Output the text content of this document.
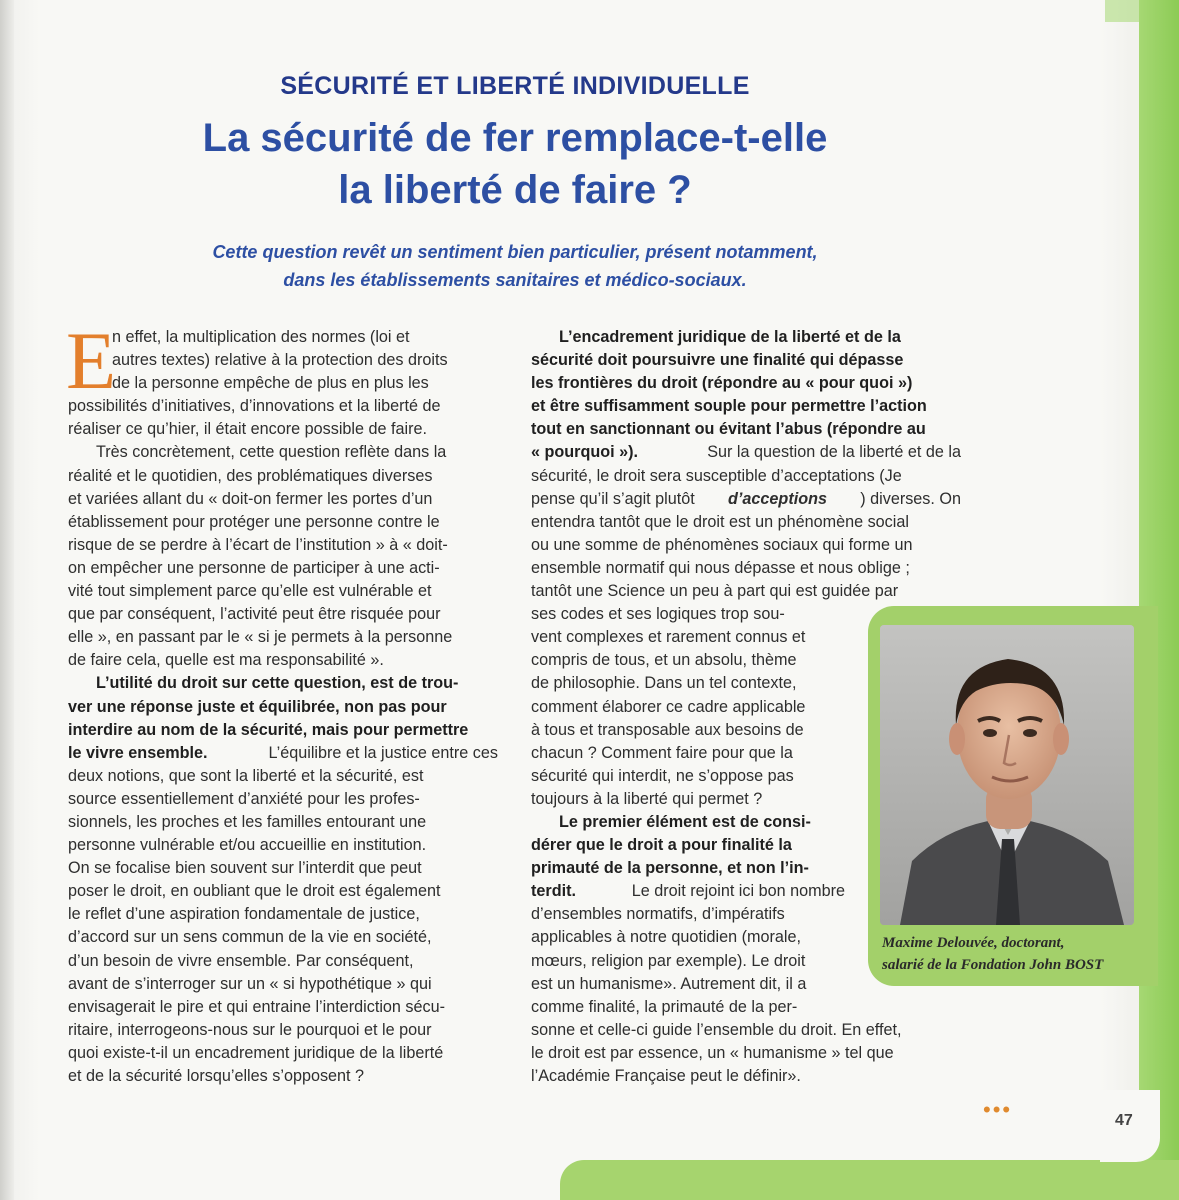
SÉCURITÉ ET LIBERTÉ INDIVIDUELLE
La sécurité de fer remplace-t-elle
la liberté de faire ?
Cette question revêt un sentiment bien particulier, présent notamment,
dans les établissements sanitaires et médico-sociaux.
E
n effet, la multiplication des normes (loi et
autres textes) relative à la protection des droits
de la personne empêche de plus en plus les
possibilités d’initiatives, d’innovations et la liberté de
réaliser ce qu’hier, il était encore possible de faire.
Très concrètement, cette question reflète dans la
réalité et le quotidien, des problématiques diverses
et variées allant du « doit-on fermer les portes d’un
établissement pour protéger une personne contre le
risque de se perdre à l’écart de l’institution » à « doit-
on empêcher une personne de participer à une acti-
vité tout simplement parce qu’elle est vulnérable et
que par conséquent, l’activité peut être risquée pour
elle », en passant par le « si je permets à la personne
de faire cela, quelle est ma responsabilité ».
L’utilité du droit sur cette question, est de trou-
ver une réponse juste et équilibrée, non pas pour
interdire au nom de la sécurité, mais pour permettre
le vivre ensemble.	L’équilibre et la justice entre ces
deux notions, que sont la liberté et la sécurité, est
source essentiellement d’anxiété pour les profes-
sionnels, les proches et les familles entourant une
personne vulnérable et/ou accueillie en institution.
On se focalise bien souvent sur l’interdit que peut
poser le droit, en oubliant que le droit est également
le reflet d’une aspiration fondamentale de justice,
d’accord sur un sens commun de la vie en société,
d’un besoin de vivre ensemble. Par conséquent,
avant de s’interroger sur un « si hypothétique » qui
envisagerait le pire et qui entraine l’interdiction sécu-
ritaire, interrogeons-nous sur le pourquoi et le pour
quoi existe-t-il un encadrement juridique de la liberté
et de la sécurité lorsqu’elles s’opposent ?
L’encadrement juridique de la liberté et de la
sécurité doit poursuivre une finalité qui dépasse
les frontières du droit (répondre au « pour quoi »)
et être suffisamment souple pour permettre l’action
tout en sanctionnant ou évitant l’abus (répondre au
« pourquoi »).	Sur la question de la liberté et de la
sécurité, le droit sera susceptible d’acceptations (Je
pense qu’il s’agit plutôt d’acceptions ) diverses. On
entendra tantôt que le droit est un phénomène social
ou une somme de phénomènes sociaux qui forme un
ensemble normatif qui nous dépasse et nous oblige ;
tantôt une Science un peu à part qui est guidée par
ses codes et ses logiques trop sou-
vent complexes et rarement connus et
compris de tous, et un absolu, thème
de philosophie. Dans un tel contexte,
comment élaborer ce cadre applicable
à tous et transposable aux besoins de
chacun ? Comment faire pour que la
sécurité qui interdit, ne s’oppose pas
toujours à la liberté qui permet ?
Le premier élément est de consi-
dérer que le droit a pour finalité la
primauté de la personne, et non l’in-
terdit.	Le droit rejoint ici bon nombre
d’ensembles normatifs, d’impératifs
applicables à notre quotidien (morale,
mœurs, religion par exemple). Le droit
est un humanisme». Autrement dit, il a
comme finalité, la primauté de la per-
sonne et celle-ci guide l’ensemble du droit. En effet,
le droit est par essence, un « humanisme » tel que
l’Académie Française peut le définir».
Maxime Delouvée, doctorant,
salarié de la Fondation John BOST
•••	47
